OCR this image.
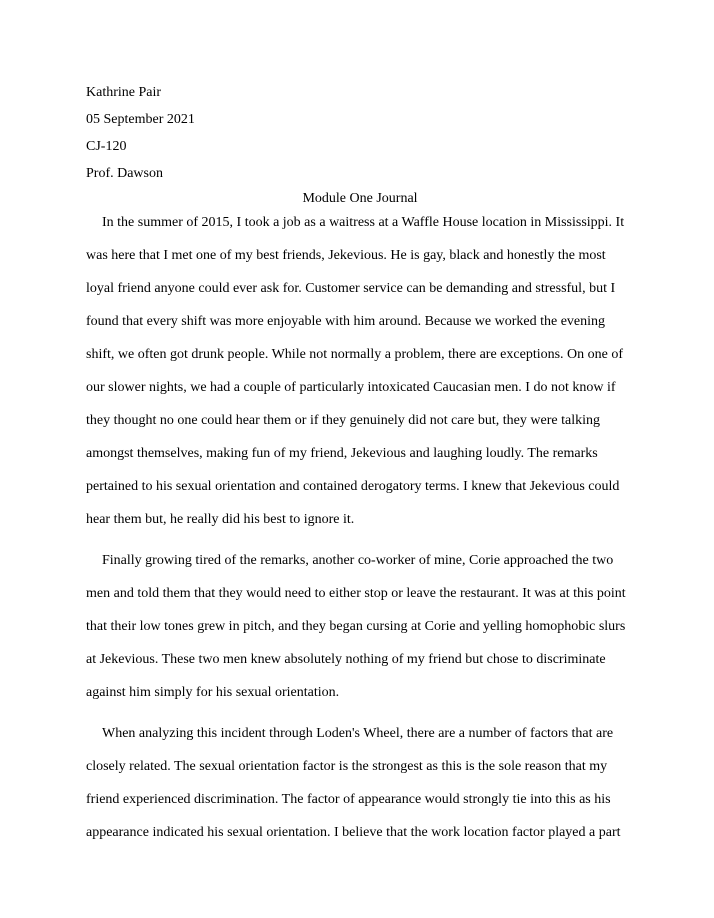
Kathrine Pair
05 September 2021
CJ-120
Prof. Dawson
Module One Journal
In the summer of 2015, I took a job as a waitress at a Waffle House location in Mississippi. It
was here that I met one of my best friends, Jekevious. He is gay, black and honestly the most
loyal friend anyone could ever ask for. Customer service can be demanding and stressful, but I
found that every shift was more enjoyable with him around. Because we worked the evening
shift, we often got drunk people. While not normally a problem, there are exceptions. On one of
our slower nights, we had a couple of particularly intoxicated Caucasian men. I do not know if
they thought no one could hear them or if they genuinely did not care but, they were talking
amongst themselves, making fun of my friend, Jekevious and laughing loudly. The remarks
pertained to his sexual orientation and contained derogatory terms. I knew that Jekevious could
hear them but, he really did his best to ignore it.
Finally growing tired of the remarks, another co-worker of mine, Corie approached the two
men and told them that they would need to either stop or leave the restaurant. It was at this point
that their low tones grew in pitch, and they began cursing at Corie and yelling homophobic slurs
at Jekevious. These two men knew absolutely nothing of my friend but chose to discriminate
against him simply for his sexual orientation.
When analyzing this incident through Loden's Wheel, there are a number of factors that are
closely related. The sexual orientation factor is the strongest as this is the sole reason that my
friend experienced discrimination. The factor of appearance would strongly tie into this as his
appearance indicated his sexual orientation. I believe that the work location factor played a part
